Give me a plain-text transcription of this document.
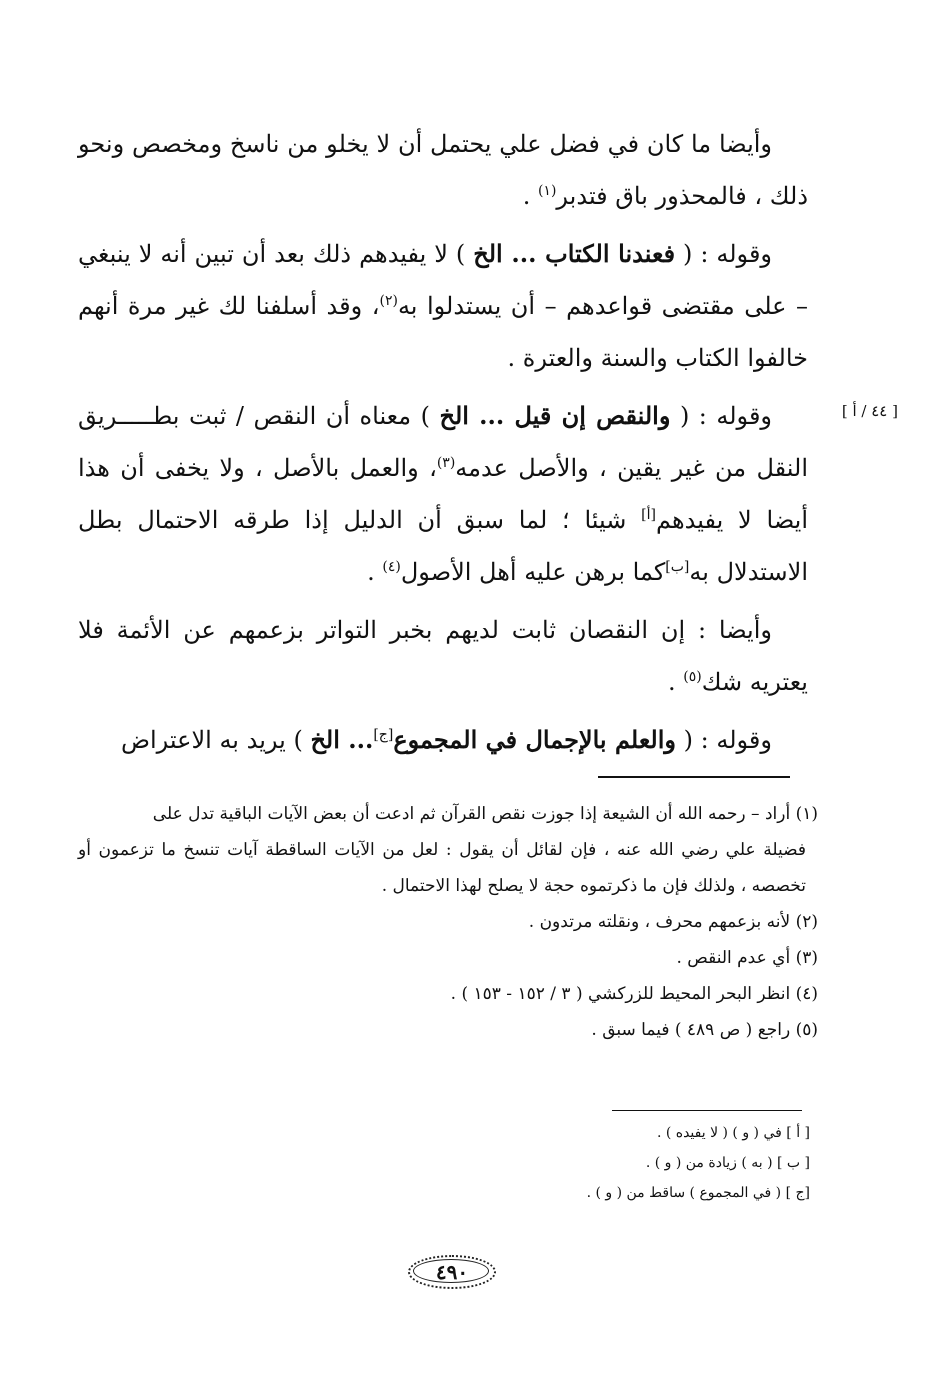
وأيضا ما كان في فضل علي يحتمل أن لا يخلو من ناسخ ومخصص ونحو ذلك ، فالمحذور باق فتدبر$^{(١)}$ .

وقوله : ( فعندنا الكتاب ... الخ ) لا يفيدهم ذلك بعد أن تبين أنه لا ينبغي – على مقتضى قواعدهم – أن يستدلوا به$^{(٢)}$، وقد أسلفنا لك غير مرة أنهم خالفوا الكتاب والسنة والعترة .

وقوله : ( والنقص إن قيل ... الخ ) معناه أن النقص / ثبت بطـــــريق النقل من غير يقين ، والأصل عدمه$^{(٣)}$، والعمل بالأصل ، ولا يخفى أن هذا أيضا لا يفيدهم[أ] شيئا ؛ لما سبق أن الدليل إذا طرقه الاحتمال بطل الاستدلال به[ب]كما برهن عليه أهل الأصول$^{(٤)}$ .

وأيضا : إن النقصان ثابت لديهم بخبر التواتر بزعمهم عن الأئمة فلا يعتريه شك$^{(٥)}$ .

وقوله : ( والعلم بالإجمال في المجموع[ج]... الخ ) يريد به الاعتراض

[ ٤٤ / أ ]

(١) أراد – رحمه الله أن الشيعة إذا جوزت نقص القرآن ثم ادعت أن بعض الآيات الباقية تدل على

فضيلة علي رضي الله عنه ، فإن لقائل أن يقول : لعل من الآيات الساقطة آيات تنسخ ما تزعمون أو تخصصه ، ولذلك فإن ما ذكرتموه حجة لا يصلح لهذا الاحتمال .

(٢) لأنه بزعمهم محرف ، ونقلته مرتدون .

(٣) أي عدم النقص .

(٤) انظر البحر المحيط للزركشي ( ٣ / ١٥٢ - ١٥٣ ) .

(٥) راجع ( ص ٤٨٩ ) فيما سبق .

[ أ ] في ( و ) ( لا يفيده ) .

[ ب ] ( به ) زيادة من ( و ) .

[ج ] ( في المجموع ) ساقط من ( و ) .

٤٩٠
